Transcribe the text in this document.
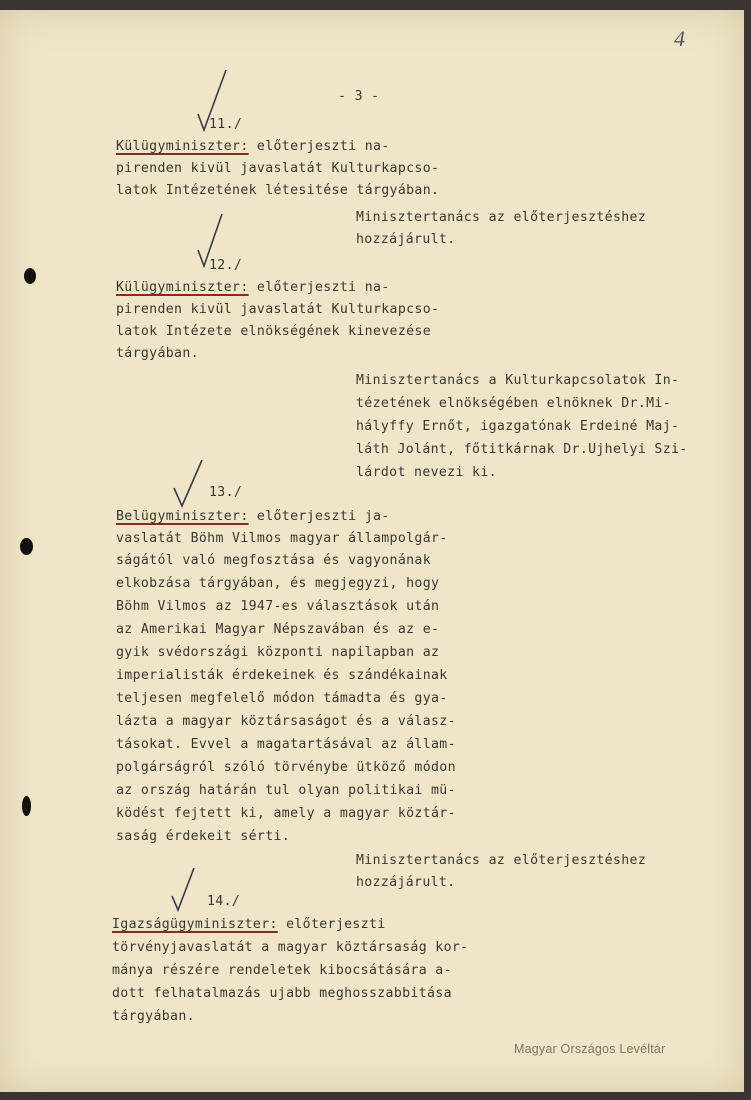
4
- 3 -
11./
Külügyminiszter: előterjeszti na-
pirenden kivül javaslatát Kulturkapcso-
latok Intézetének létesitése tárgyában.
Minisztertanács az előterjesztéshez
hozzájárult.
12./
Külügyminiszter: előterjeszti na-
pirenden kivül javaslatát Kulturkapcso-
latok Intézete elnökségének kinevezése
tárgyában.
Minisztertanács a Kulturkapcsolatok In-
tézetének elnökségében elnöknek Dr.Mi-
hályffy Ernőt, igazgatónak Erdeiné Maj-
láth Jolánt, főtitkárnak Dr.Ujhelyi Szi-
lárdot nevezi ki.
13./
Belügyminiszter: előterjeszti ja-
vaslatát Böhm Vilmos magyar állampolgár-
ságától való megfosztása és vagyonának
elkobzása tárgyában, és megjegyzi, hogy
Böhm Vilmos az 1947-es választások után
az Amerikai Magyar Népszavában és az e-
gyik svédországi központi napilapban az
imperialisták érdekeinek és szándékainak
teljesen megfelelő módon támadta és gya-
lázta a magyar köztársaságot és a válasz-
tásokat. Evvel a magatartásával az állam-
polgárságról szóló törvénybe ütköző módon
az ország határán tul olyan politikai mü-
ködést fejtett ki, amely a magyar köztár-
saság érdekeit sérti.
Minisztertanács az előterjesztéshez
hozzájárult.
14./
Igazságügyminiszter: előterjeszti
törvényjavaslatát a magyar köztársaság kor-
mánya részére rendeletek kibocsátására a-
dott felhatalmazás ujabb meghosszabbitása
tárgyában.
Magyar Országos Levéltár
